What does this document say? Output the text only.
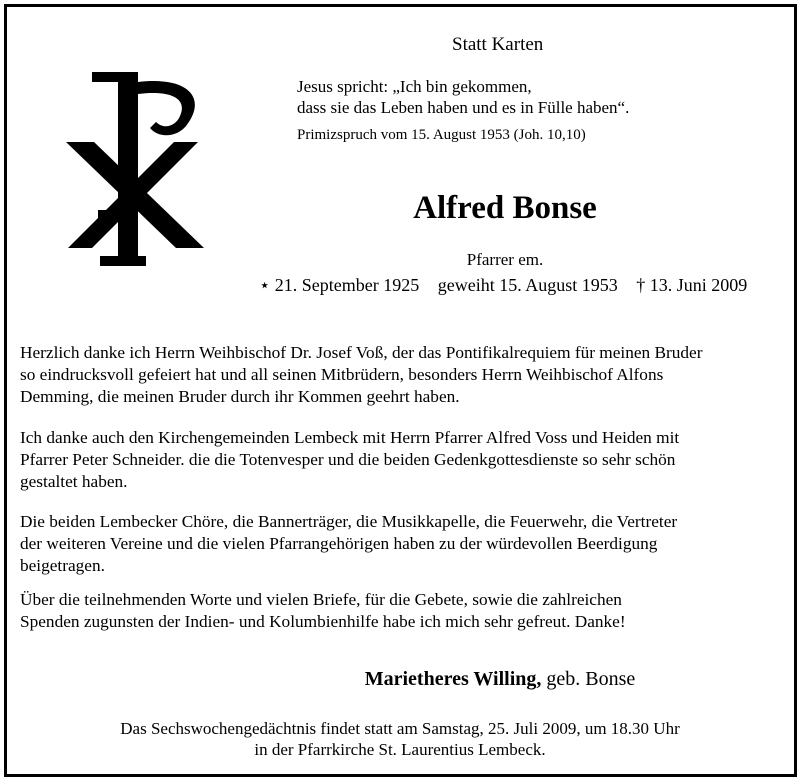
Statt Karten
Jesus spricht: „Ich bin gekommen,
dass sie das Leben haben und es in Fülle haben“.
Primizspruch vom 15. August 1953 (Joh. 10,10)
Alfred Bonse
Pfarrer em.
⋆ 21. September 1925 geweiht 15. August 1953 † 13. Juni 2009
Herzlich danke ich Herrn Weihbischof Dr. Josef Voß, der das Pontifikalrequiem für meinen Bruder
so eindrucksvoll gefeiert hat und all seinen Mitbrüdern, besonders Herrn Weihbischof Alfons
Demming, die meinen Bruder durch ihr Kommen geehrt haben.
Ich danke auch den Kirchengemeinden Lembeck mit Herrn Pfarrer Alfred Voss und Heiden mit
Pfarrer Peter Schneider. die die Totenvesper und die beiden Gedenkgottesdienste so sehr schön
gestaltet haben.
Die beiden Lembecker Chöre, die Bannerträger, die Musikkapelle, die Feuerwehr, die Vertreter
der weiteren Vereine und die vielen Pfarrangehörigen haben zu der würdevollen Beerdigung
beigetragen.
Über die teilnehmenden Worte und vielen Briefe, für die Gebete, sowie die zahlreichen
Spenden zugunsten der Indien- und Kolumbienhilfe habe ich mich sehr gefreut. Danke!
Marietheres Willing, geb. Bonse
Das Sechswochengedächtnis findet statt am Samstag, 25. Juli 2009, um 18.30 Uhr
in der Pfarrkirche St. Laurentius Lembeck.
